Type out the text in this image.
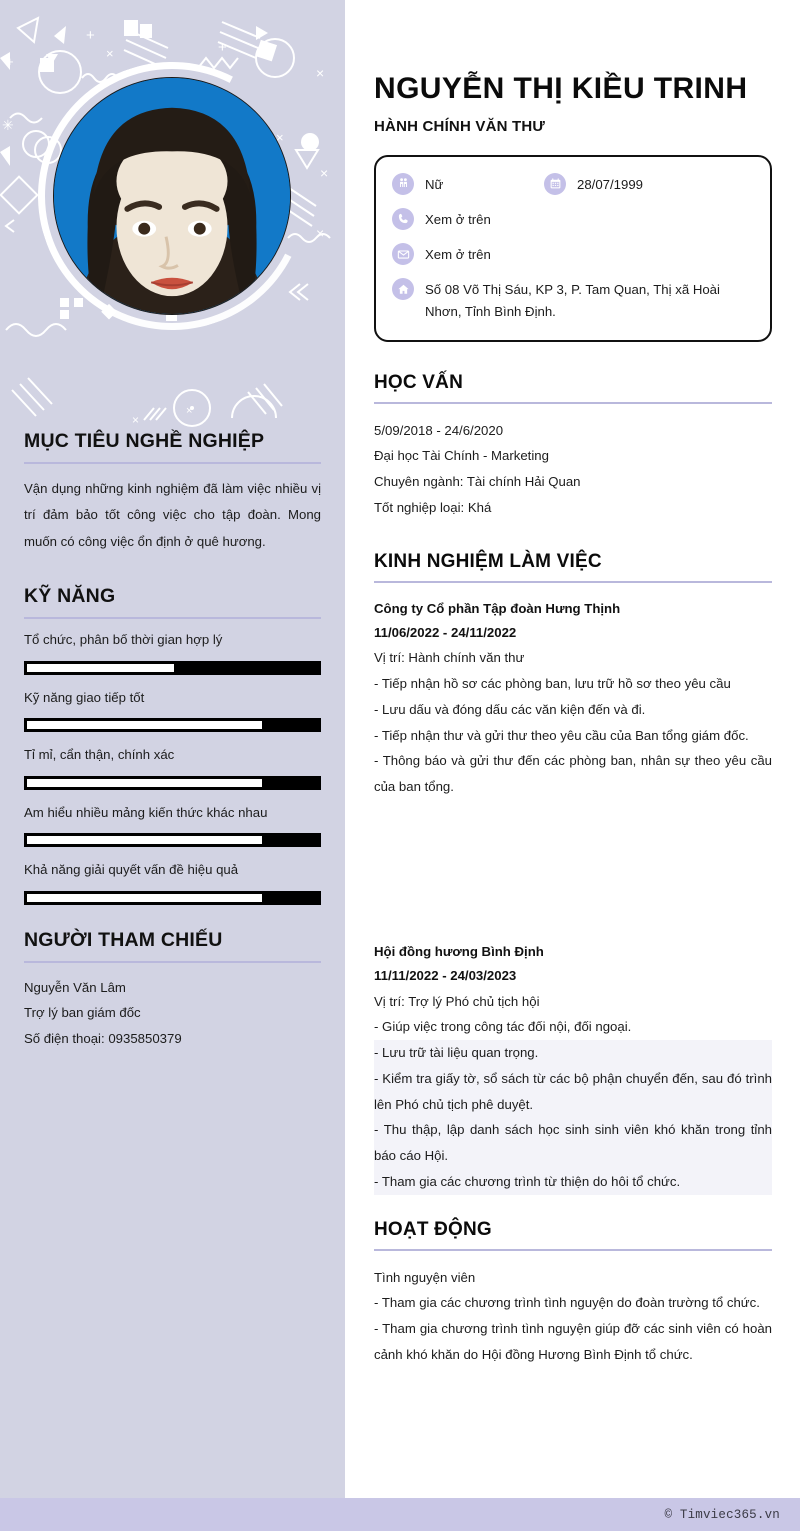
+
×
+
+
×
×
×
✳
×
×
×
MỤC TIÊU NGHỀ NGHIỆP

Vận dụng những kinh nghiệm đã làm việc nhiều vị trí đảm bảo tốt công việc cho tập đoàn. Mong muốn có công việc ổn định ở quê hương.

KỸ NĂNG
Tổ chức, phân bố thời gian hợp lý
Kỹ năng giao tiếp tốt
Tỉ mỉ, cẩn thận, chính xác
Am hiểu nhiều mảng kiến thức khác nhau
Khả năng giải quyết vấn đề hiệu quả
NGƯỜI THAM CHIẾU
Nguyễn Văn Lâm
Trợ lý ban giám đốc
Số điện thoại: 0935850379
NGUYỄN THỊ KIỀU TRINH
HÀNH CHÍNH VĂN THƯ
Nữ	28/07/1999
Xem ở trên
Xem ở trên
Số 08 Võ Thị Sáu, KP 3, P. Tam Quan, Thị xã Hoài Nhơn, Tỉnh Bình Định.
HỌC VẤN
5/09/2018 - 24/6/2020
Đại học Tài Chính - Marketing
Chuyên ngành: Tài chính Hải Quan
Tốt nghiệp loại: Khá
KINH NGHIỆM LÀM VIỆC
Công ty Cổ phần Tập đoàn Hưng Thịnh
11/06/2022 - 24/11/2022
Vị trí: Hành chính văn thư
- Tiếp nhận hồ sơ các phòng ban, lưu trữ hồ sơ theo yêu cầu
- Lưu dấu và đóng dấu các văn kiện đến và đi.
- Tiếp nhận thư và gửi thư theo yêu cầu của Ban tổng giám đốc.
- Thông báo và gửi thư đến các phòng ban, nhân sự theo yêu cầu của ban tổng.
Hội đồng hương Bình Định
11/11/2022 - 24/03/2023
Vị trí: Trợ lý Phó chủ tịch hội
- Giúp việc trong công tác đối nội, đối ngoại.
- Lưu trữ tài liệu quan trọng.
- Kiểm tra giấy tờ, sổ sách từ các bộ phận chuyển đến, sau đó trình lên Phó chủ tịch phê duyệt.
- Thu thập, lập danh sách học sinh sinh viên khó khăn trong tỉnh báo cáo Hội.
- Tham gia các chương trình từ thiện do hôi tổ chức.
HOẠT ĐỘNG
Tình nguyện viên
- Tham gia các chương trình tình nguyện do đoàn trường tổ chức.
- Tham gia chương trình tình nguyện giúp đỡ các sinh viên có hoàn cảnh khó khăn do Hội đồng Hương Bình Định tổ chức.
© Timviec365.vn
